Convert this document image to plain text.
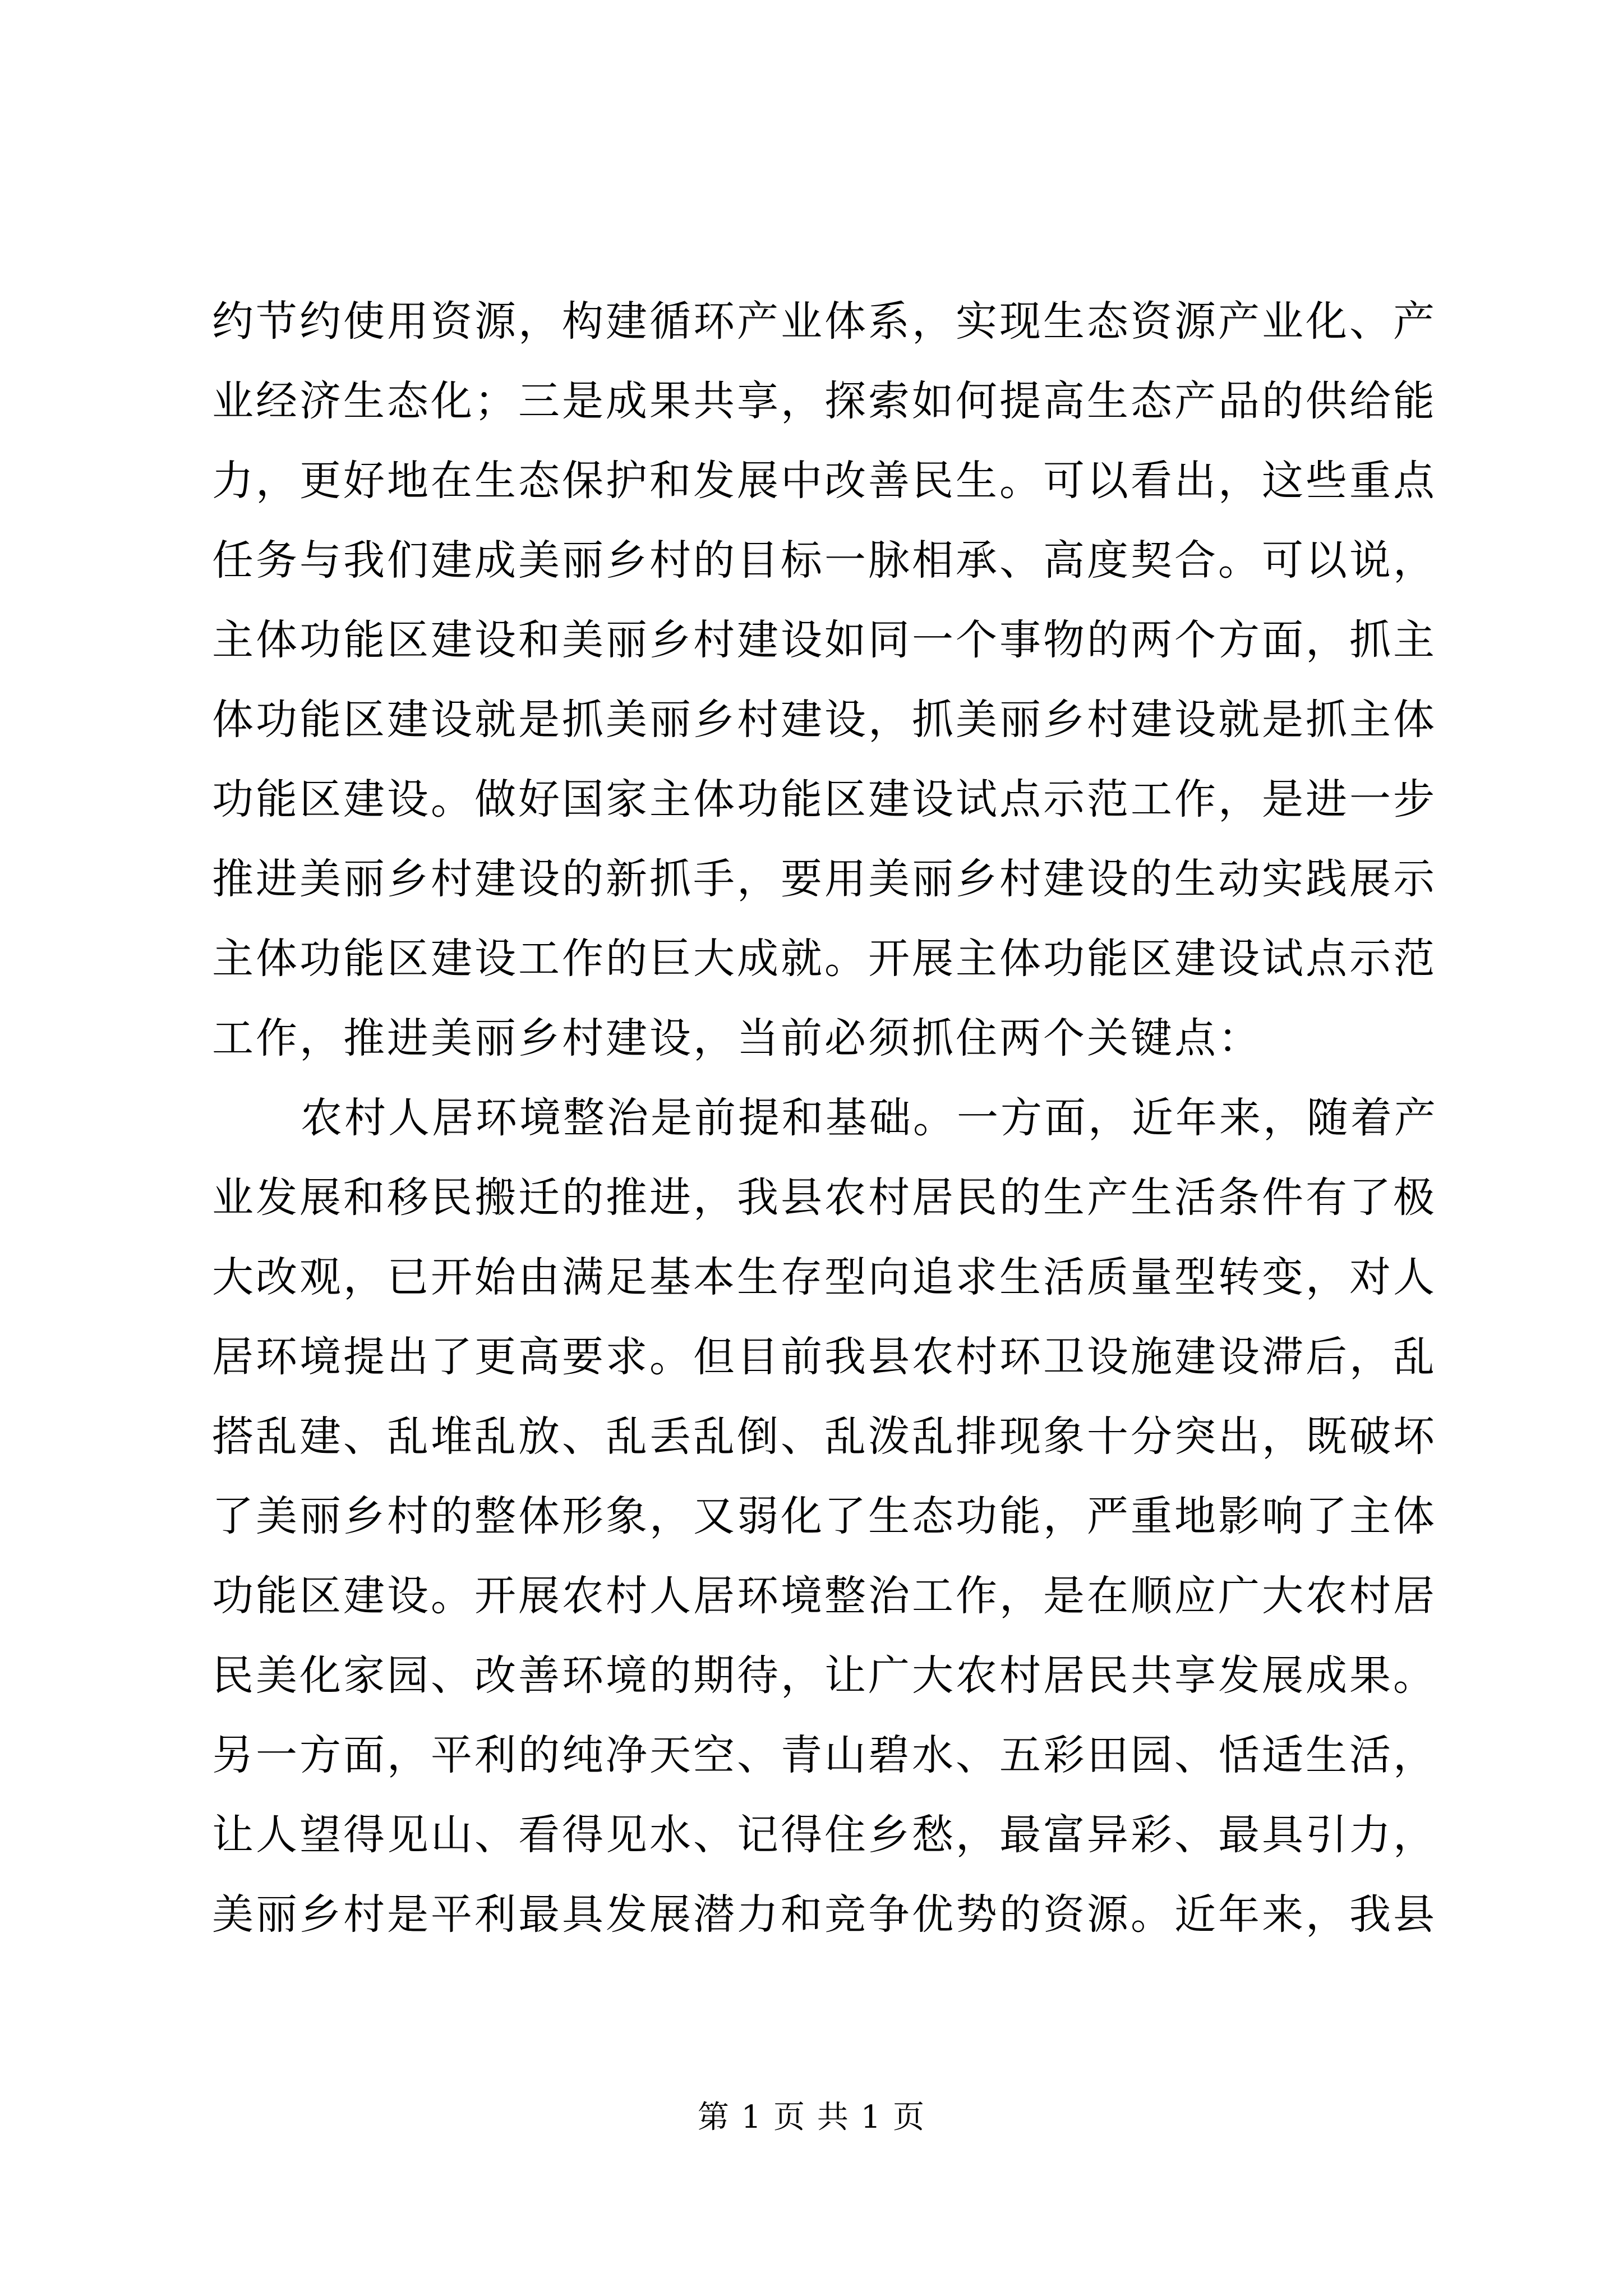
约节约使用资源，构建循环产业体系，实现生态资源产业化、产
业经济生态化；三是成果共享，探索如何提高生态产品的供给能
力，更好地在生态保护和发展中改善民生。可以看出，这些重点
任务与我们建成美丽乡村的目标一脉相承、高度契合。可以说，
主体功能区建设和美丽乡村建设如同一个事物的两个方面，抓主
体功能区建设就是抓美丽乡村建设，抓美丽乡村建设就是抓主体
功能区建设。做好国家主体功能区建设试点示范工作，是进一步
推进美丽乡村建设的新抓手，要用美丽乡村建设的生动实践展示
主体功能区建设工作的巨大成就。开展主体功能区建设试点示范
工作，推进美丽乡村建设，当前必须抓住两个关键点：
农村人居环境整治是前提和基础。一方面，近年来，随着产
业发展和移民搬迁的推进，我县农村居民的生产生活条件有了极
大改观，已开始由满足基本生存型向追求生活质量型转变，对人
居环境提出了更高要求。但目前我县农村环卫设施建设滞后，乱
搭乱建、乱堆乱放、乱丢乱倒、乱泼乱排现象十分突出，既破坏
了美丽乡村的整体形象，又弱化了生态功能，严重地影响了主体
功能区建设。开展农村人居环境整治工作，是在顺应广大农村居
民美化家园、改善环境的期待，让广大农村居民共享发展成果。
另一方面，平利的纯净天空、青山碧水、五彩田园、恬适生活，
让人望得见山、看得见水、记得住乡愁，最富异彩、最具引力，
美丽乡村是平利最具发展潜力和竞争优势的资源。近年来，我县
第 1 页 共 1 页
